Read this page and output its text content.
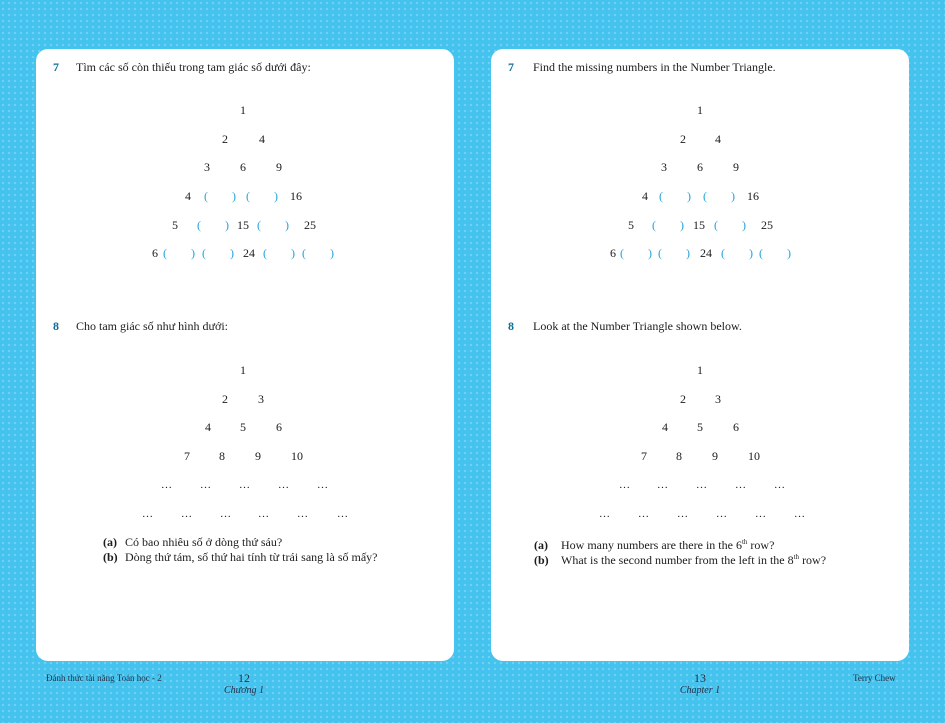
7 Tìm các số còn thiếu trong tam giác số dưới đây:
1
2	4
3	6	9
4	( ) ( )	16
5	( ) 15 ( )	25
6 ( ) ( ) 24 ( ) ( )
8 Cho tam giác số như hình dưới:
1
2	3
4	5	6
7	8	9	10
...	...	...	...	...
...	...	...	...	...	...
(a) Có bao nhiêu số ở dòng thứ sáu?
(b) Dòng thứ tám, số thứ hai tính từ trái sang là số mấy?
7 Find the missing numbers in the Number Triangle.
1
2	4
3	6	9
4 ( ) ( )	16
5	( ) 15 ( )	25
6 ( ) ( ) 24 ( ) ( )
8 Look at the Number Triangle shown below.
1
2	3
4	5	6
7	8	9	10
...	...	...	...	...
...	...	...	...	...	...
(a) How many numbers are there in the 6th row?
(b) What is the second number from the left in the 8th row?
Đánh thức tài năng Toán học - 2	12
Chương 1
13
Chapter 1
Terry Chew
